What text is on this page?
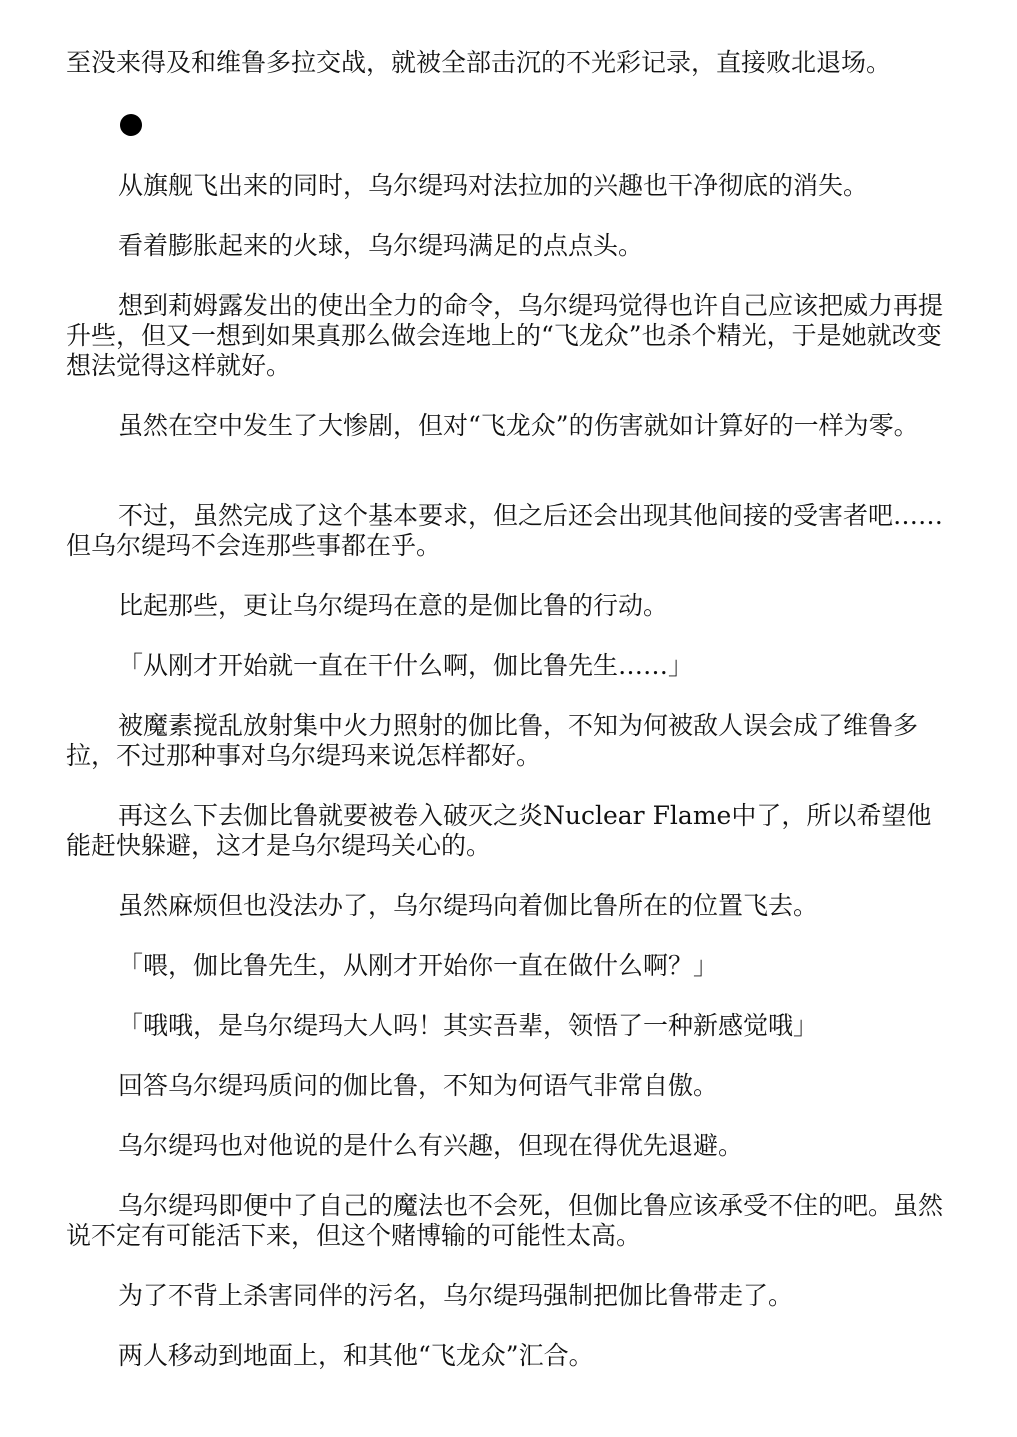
至没来得及和维鲁多拉交战，就被全部击沉的不光彩记录，直接败北退场。

从旗舰飞出来的同时，乌尔缇玛对法拉加的兴趣也干净彻底的消失。

看着膨胀起来的火球，乌尔缇玛满足的点点头。

想到莉姆露发出的使出全力的命令，乌尔缇玛觉得也许自己应该把威力再提升些，但又一想到如果真那么做会连地上的“飞龙众”也杀个精光，于是她就改变想法觉得这样就好。

虽然在空中发生了大惨剧，但对“飞龙众”的伤害就如计算好的一样为零。

不过，虽然完成了这个基本要求，但之后还会出现其他间接的受害者吧……但乌尔缇玛不会连那些事都在乎。

比起那些，更让乌尔缇玛在意的是伽比鲁的行动。

「从刚才开始就一直在干什么啊，伽比鲁先生……」

被魔素搅乱放射集中火力照射的伽比鲁，不知为何被敌人误会成了维鲁多拉，不过那种事对乌尔缇玛来说怎样都好。

再这么下去伽比鲁就要被卷入破灭之炎Nuclear Flame中了，所以希望他能赶快躲避，这才是乌尔缇玛关心的。

虽然麻烦但也没法办了，乌尔缇玛向着伽比鲁所在的位置飞去。

「喂，伽比鲁先生，从刚才开始你一直在做什么啊？」

「哦哦，是乌尔缇玛大人吗！其实吾辈，领悟了一种新感觉哦」

回答乌尔缇玛质问的伽比鲁，不知为何语气非常自傲。

乌尔缇玛也对他说的是什么有兴趣，但现在得优先退避。

乌尔缇玛即便中了自己的魔法也不会死，但伽比鲁应该承受不住的吧。虽然说不定有可能活下来，但这个赌博输的可能性太高。

为了不背上杀害同伴的污名，乌尔缇玛强制把伽比鲁带走了。

两人移动到地面上，和其他“飞龙众”汇合。
